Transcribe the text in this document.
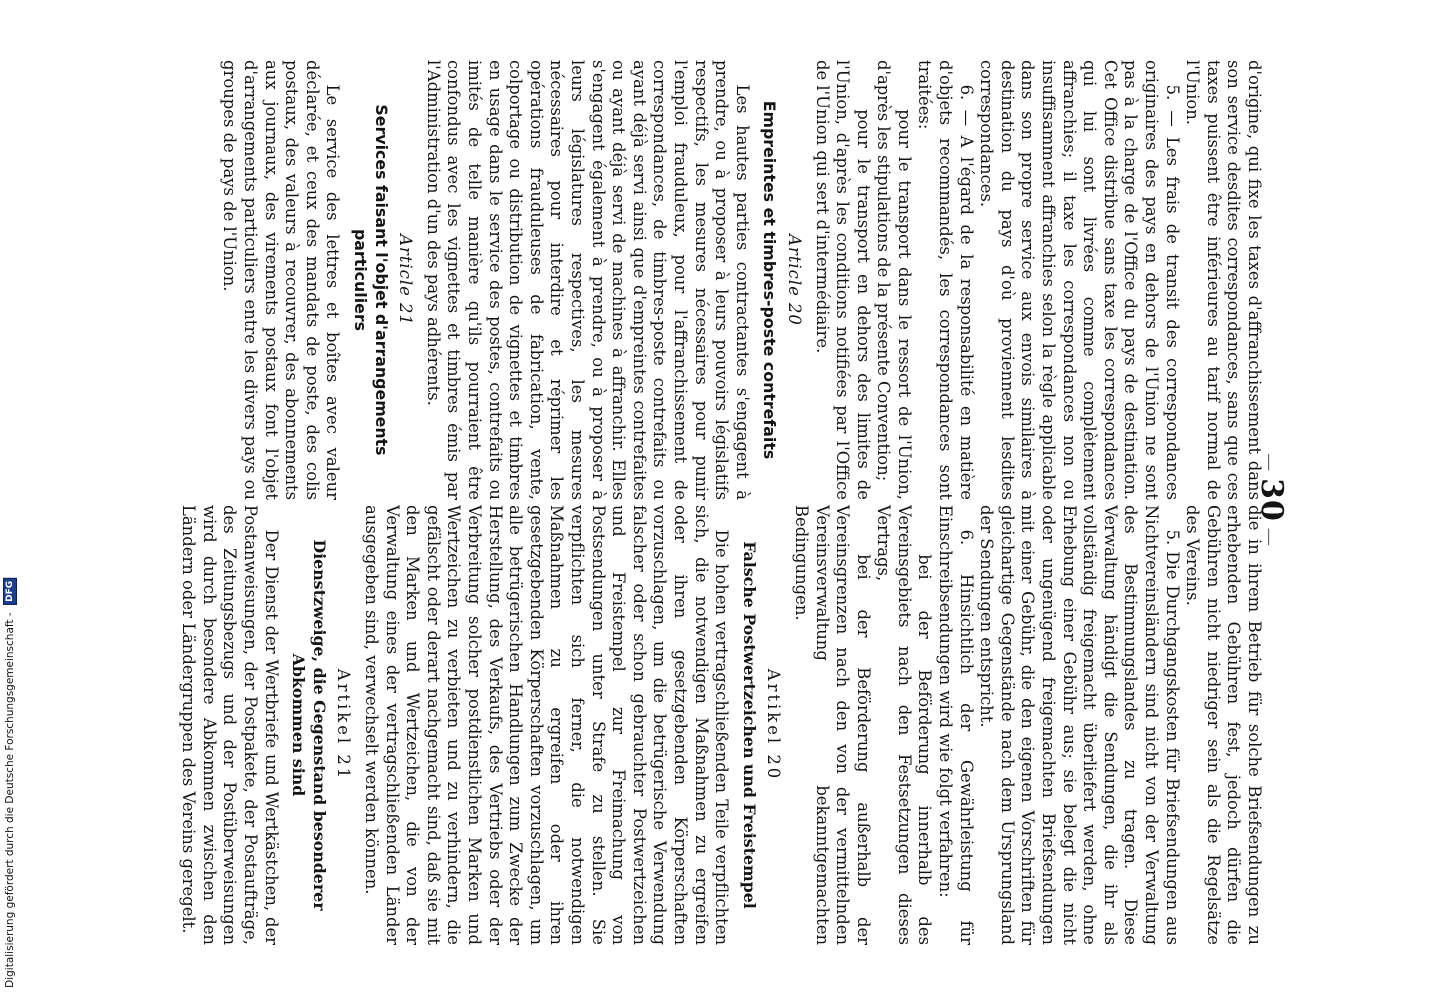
—30—

d'origine, qui fixe les taxes d'affranchissement dans son service desdites correspondances, sans que ces taxes puissent être inférieures au tarif normal de l'Union.

5. — Les frais de transit des correspondances originaires des pays en dehors de l'Union ne sont pas à la charge de l'Office du pays de destination. Cet Office distribue sans taxe les correspondances qui lui sont livrées comme complètement affranchies; il taxe les correspondances non ou insuffisamment affranchies selon la règle applicable dans son propre service aux envois similaires à destination du pays d'où proviennent lesdites correspondances.

6. — A l'égard de la responsabilité en matière d'objets recommandés, les correspondances sont traitées:

pour le transport dans le ressort de l'Union, d'après les stipulations de la présente Convention;

pour le transport en dehors des limites de l'Union, d'après les conditions notifiées par l'Office de l'Union qui sert d'intermédiaire.

Article 20
Empreintes et timbres-poste contrefaits

Les hautes parties contractantes s'engagent à prendre, ou à proposer à leurs pouvoirs législatifs respectifs, les mesures nécessaires pour punir l'emploi frauduleux, pour l'affranchissement de correspondances, de timbres-poste contrefaits ou ayant déjà servi ainsi que d'empreintes contrefaites ou ayant déjà servi de machines à affranchir. Elles s'engagent également à prendre, ou à proposer à leurs législatures respectives, les mesures nécessaires pour interdire et réprimer les opérations frauduleuses de fabrication, vente, colportage ou distribution de vignettes et timbres en usage dans le service des postes, contrefaits ou imités de telle manière qu'ils pourraient être confondus avec les vignettes et timbres émis par l'Administration d'un des pays adhérents.

Article 21
Services faisant l'objet d'arrangements particuliers

Le service des lettres et boîtes avec valeur déclarée, et ceux des mandats de poste, des colis postaux, des valeurs à recouvrer, des abonnements aux journaux, des virements postaux font l'objet d'arrangements particuliers entre les divers pays ou groupes de pays de l'Union.

die in ihrem Betrieb für solche Briefsendungen zu erhebenden Gebühren fest, jedoch dürfen die Gebühren nicht niedriger sein als die Regelsätze des Vereins.

5. Die Durchgangskosten für Briefsendungen aus Nichtvereinsländern sind nicht von der Verwaltung des Bestimmungslandes zu tragen. Diese Verwaltung händigt die Sendungen, die ihr als vollständig freigemacht überliefert werden, ohne Erhebung einer Gebühr aus; sie belegt die nicht oder ungenügend freigemachten Briefsendungen mit einer Gebühr, die den eigenen Vorschriften für gleichartige Gegenstände nach dem Ursprungsland der Sendungen entspricht.

6. Hinsichtlich der Gewährleistung für Einschreibsendungen wird wie folgt verfahren:

bei der Beförderung innerhalb des Vereinsgebiets nach den Festsetzungen dieses Vertrags,

bei der Beförderung außerhalb der Vereinsgrenzen nach den von der vermittelnden Vereinsverwaltung bekanntgemachten Bedingungen.

Artikel 20
Falsche Postwertzeichen und Freistempel

Die hohen vertragschließenden Teile verpflichten sich, die notwendigen Maßnahmen zu ergreifen oder ihren gesetzgebenden Körperschaften vorzuschlagen, um die betrügerische Verwendung falscher oder schon gebrauchter Postwertzeichen und Freistempel zur Freimachung von Postsendungen unter Strafe zu stellen. Sie verpflichten sich ferner, die notwendigen Maßnahmen zu ergreifen oder ihren gesetzgebenden Körperschaften vorzuschlagen, um alle betrügerischen Handlungen zum Zwecke der Herstellung, des Verkaufs, des Vertriebs oder der Verbreitung solcher postdienstlichen Marken und Wertzeichen zu verbieten und zu verhindern, die gefälscht oder derart nachgemacht sind, daß sie mit den Marken und Wertzeichen, die von der Verwaltung eines der vertragschließenden Länder ausgegeben sind, verwechselt werden können.

Artikel 21
Dienstzweige, die Gegenstand besonderer Abkommen sind

Der Dienst der Wertbriefe und Wertkästchen, der Postanweisungen, der Postpakete, der Postaufträge, des Zeitungsbezugs und der Postüberweisungen wird durch besondere Abkommen zwischen den Ländern oder Ländergruppen des Vereins geregelt.

Digitalisierung gefördert durch die Deutsche Forschungsgemeinschaft - DFG
